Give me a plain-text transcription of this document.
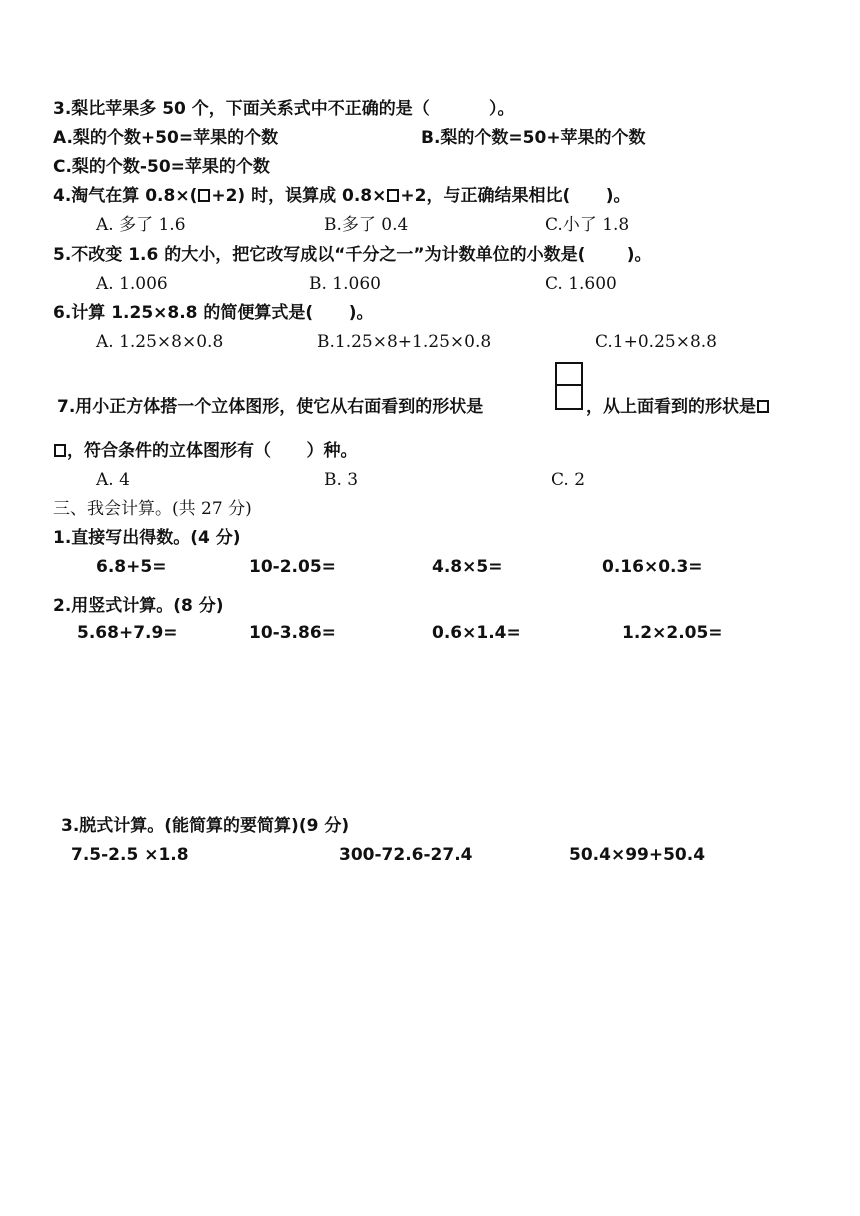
3.梨比苹果多 50 个，下面关系式中不正确的是（          ）。
A.梨的个数+50=苹果的个数	B.梨的个数=50+苹果的个数
C.梨的个数-50=苹果的个数
4.淘气在算 0.8×( +2) 时，误算成 0.8× +2，与正确结果相比(      )。
A. 多了 1.6	B.多了 0.4	C.小了 1.8
5.不改变 1.6 的大小，把它改写成以“千分之一”为计数单位的小数是(       )。
A. 1.006	B. 1.060	C. 1.600
6.计算 1.25×8.8 的简便算式是(      )。
A. 1.25×8×0.8	B.1.25×8+1.25×0.8	C.1+0.25×8.8
7.用小正方体搭一个立体图形，使它从右面看到的形状是	，从上面看到的形状是
，符合条件的立体图形有（      ）种。
A. 4	B. 3	C. 2
三、我会计算。(共 27 分)
1.直接写出得数。(4 分)
6.8+5=	10-2.05=	4.8×5=	0.16×0.3=
2.用竖式计算。(8 分)
5.68+7.9=	10-3.86=	0.6×1.4=	1.2×2.05=
3.脱式计算。(能简算的要简算)(9 分)
7.5-2.5 ×1.8	300-72.6-27.4	50.4×99+50.4
